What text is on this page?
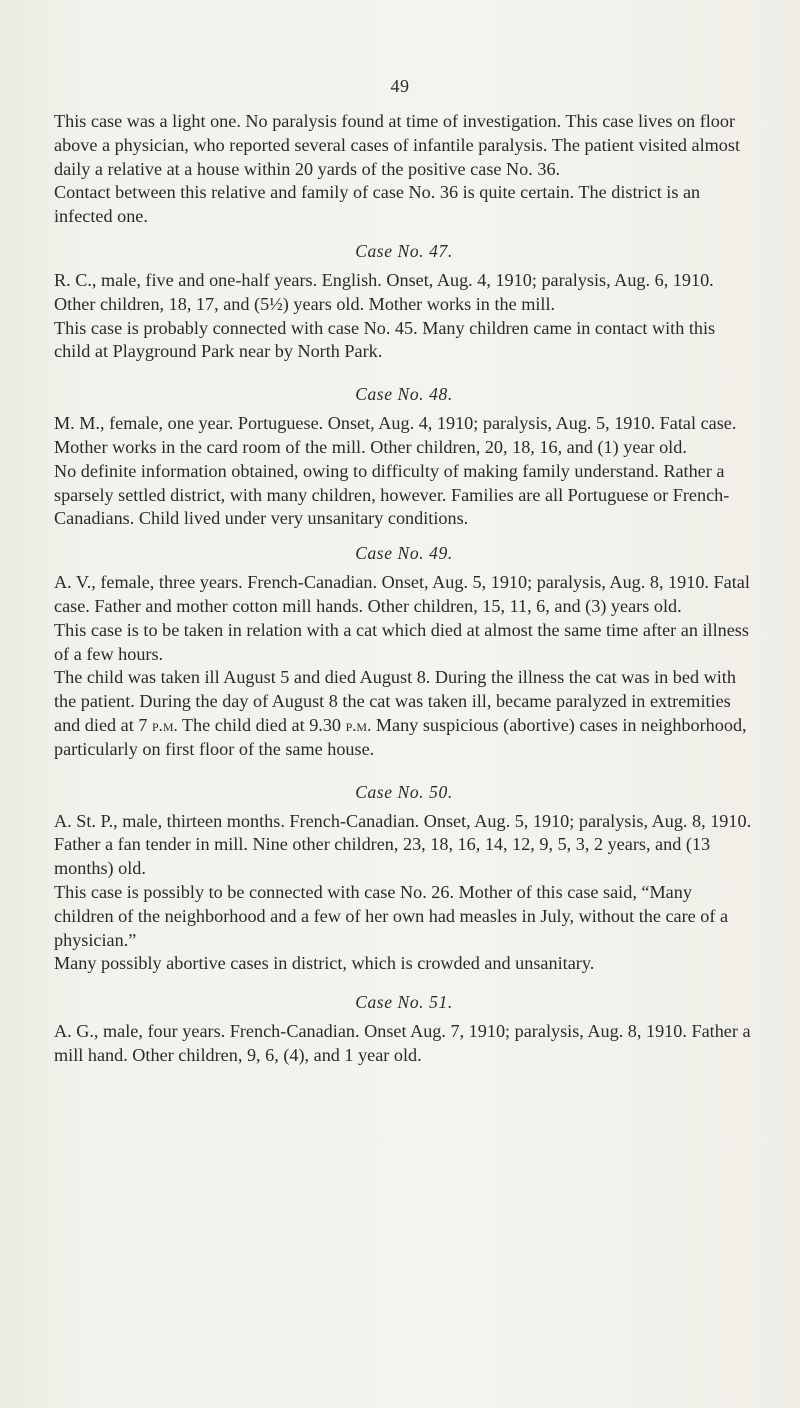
49

This case was a light one. No paralysis found at time of investigation. This case lives on floor above a physician, who reported several cases of infantile paralysis. The patient visited almost daily a relative at a house within 20 yards of the positive case No. 36.

Contact between this relative and family of case No. 36 is quite certain. The district is an infected one.

Case No. 47.

R. C., male, five and one-half years. English. Onset, Aug. 4, 1910; paralysis, Aug. 6, 1910. Other children, 18, 17, and (5½) years old. Mother works in the mill.

This case is probably connected with case No. 45. Many children came in contact with this child at Playground Park near by North Park.

Case No. 48.

M. M., female, one year. Portuguese. Onset, Aug. 4, 1910; paralysis, Aug. 5, 1910. Fatal case. Mother works in the card room of the mill. Other children, 20, 18, 16, and (1) year old.

No definite information obtained, owing to difficulty of making family understand. Rather a sparsely settled district, with many children, however. Families are all Portuguese or French-Canadians. Child lived under very unsanitary conditions.

Case No. 49.

A. V., female, three years. French-Canadian. Onset, Aug. 5, 1910; paralysis, Aug. 8, 1910. Fatal case. Father and mother cotton mill hands. Other children, 15, 11, 6, and (3) years old.

This case is to be taken in relation with a cat which died at almost the same time after an illness of a few hours.

The child was taken ill August 5 and died August 8. During the illness the cat was in bed with the patient. During the day of August 8 the cat was taken ill, became paralyzed in extremities and died at 7 p.m. The child died at 9.30 p.m. Many suspicious (abortive) cases in neighborhood, particularly on first floor of the same house.

Case No. 50.

A. St. P., male, thirteen months. French-Canadian. Onset, Aug. 5, 1910; paralysis, Aug. 8, 1910. Father a fan tender in mill. Nine other children, 23, 18, 16, 14, 12, 9, 5, 3, 2 years, and (13 months) old.

This case is possibly to be connected with case No. 26. Mother of this case said, “Many children of the neighborhood and a few of her own had measles in July, without the care of a physician.”

Many possibly abortive cases in district, which is crowded and unsanitary.

Case No. 51.

A. G., male, four years. French-Canadian. Onset Aug. 7, 1910; paralysis, Aug. 8, 1910. Father a mill hand. Other children, 9, 6, (4), and 1 year old.
